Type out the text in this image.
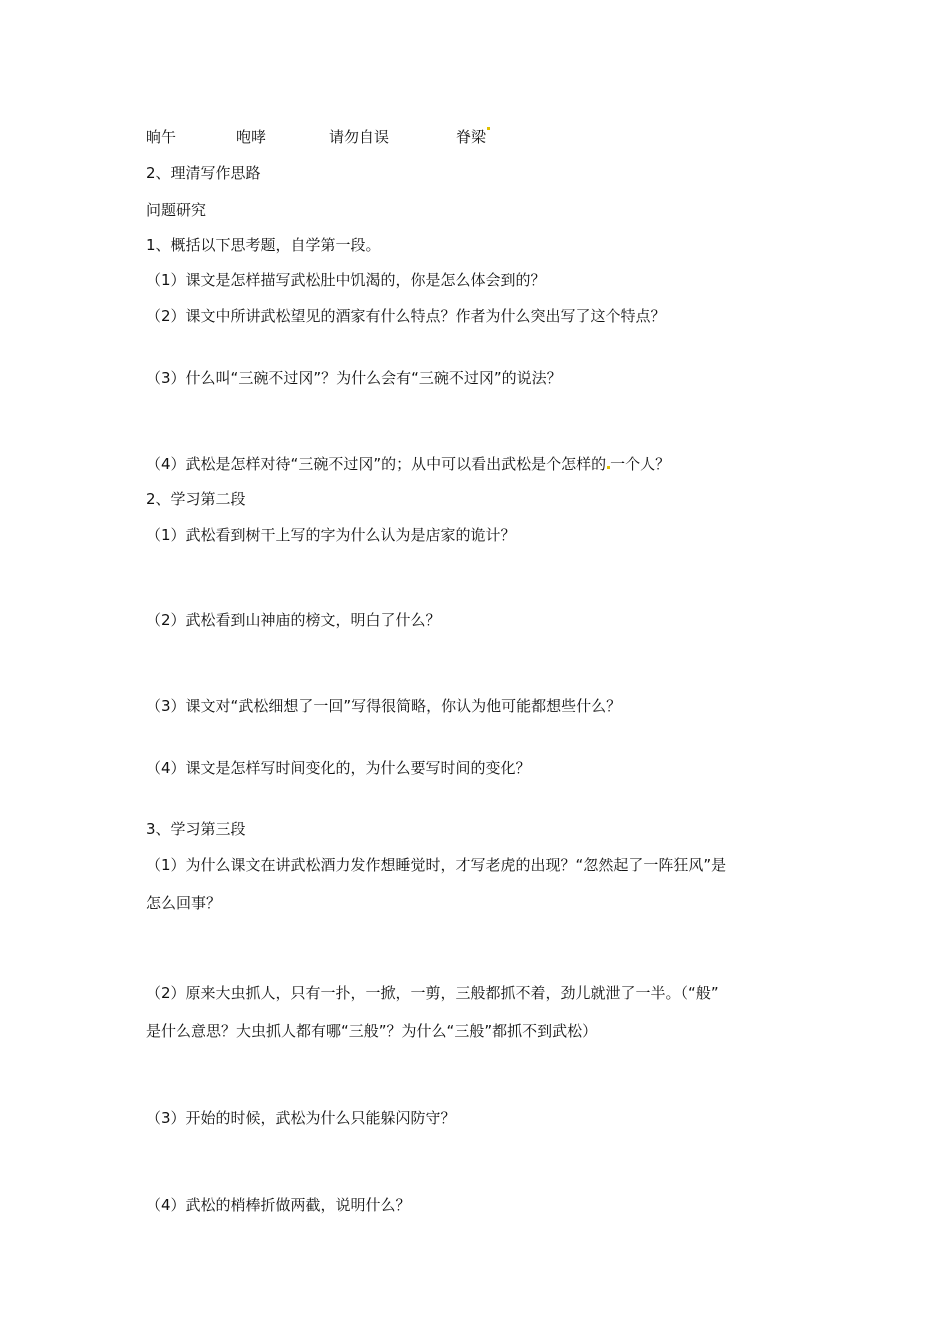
晌午	咆哮	请勿自误	脊梁
2、理清写作思路
问题研究
1、概括以下思考题，自学第一段。
（1）课文是怎样描写武松肚中饥渴的，你是怎么体会到的？
（2）课文中所讲武松望见的酒家有什么特点？作者为什么突出写了这个特点？
（3）什么叫“三碗不过冈”？为什么会有“三碗不过冈”的说法？
（4）武松是怎样对待“三碗不过冈”的；从中可以看出武松是个怎样的 一个人？
2、学习第二段
（1）武松看到树干上写的字为什么认为是店家的诡计？
（2）武松看到山神庙的榜文，明白了什么？
（3）课文对“武松细想了一回”写得很简略，你认为他可能都想些什么？
（4）课文是怎样写时间变化的，为什么要写时间的变化？
3、学习第三段
（1）为什么课文在讲武松酒力发作想睡觉时，才写老虎的出现？“忽然起了一阵狂风”是
怎么回事？
（2）原来大虫抓人，只有一扑，一掀，一剪，三般都抓不着，劲儿就泄了一半。（“般”
是什么意思？大虫抓人都有哪“三般”？为什么“三般”都抓不到武松）
（3）开始的时候，武松为什么只能躲闪防守？
（4）武松的梢棒折做两截，说明什么？
